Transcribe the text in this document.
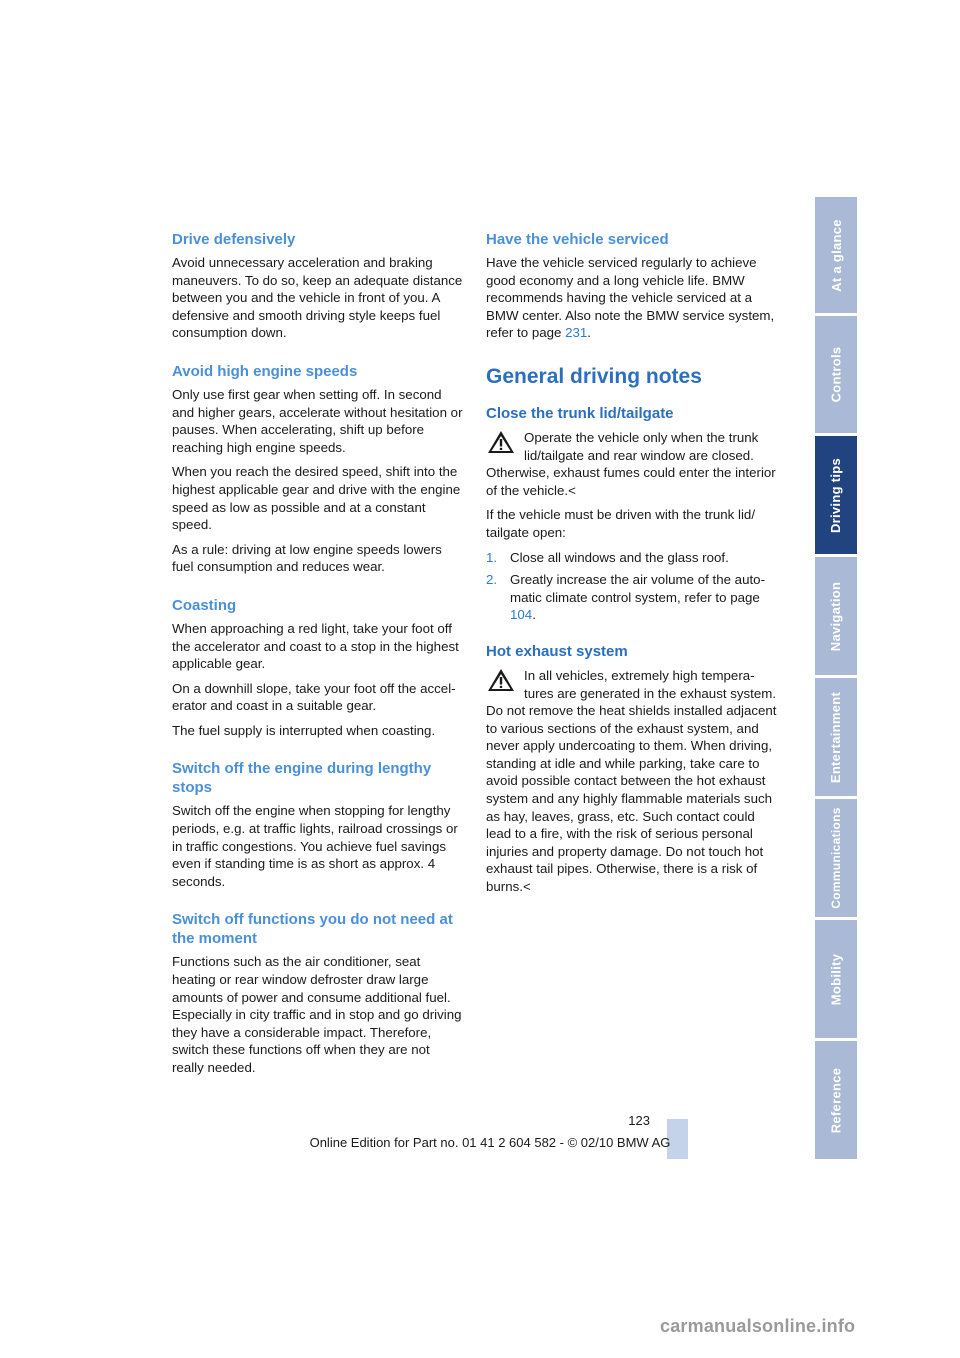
Drive defensively

Avoid unnecessary acceleration and braking maneuvers. To do so, keep an adequate distance between you and the vehicle in front of you. A defensive and smooth driving style keeps fuel consumption down.

Avoid high engine speeds

Only use first gear when setting off. In second and higher gears, accelerate without hesitation or pauses. When accelerating, shift up before reaching high engine speeds.

When you reach the desired speed, shift into the highest applicable gear and drive with the engine speed as low as possible and at a constant speed.

As a rule: driving at low engine speeds lowers fuel consumption and reduces wear.

Coasting

When approaching a red light, take your foot off the accelerator and coast to a stop in the highest applicable gear.

On a downhill slope, take your foot off the accelerator and coast in a suitable gear.

The fuel supply is interrupted when coasting.

Switch off the engine during lengthy stops

Switch off the engine when stopping for lengthy periods, e.g. at traffic lights, railroad crossings or in traffic congestions. You achieve fuel savings even if standing time is as short as approx. 4 seconds.

Switch off functions you do not need at the moment

Functions such as the air conditioner, seat heating or rear window defroster draw large amounts of power and consume additional fuel. Especially in city traffic and in stop and go driving they have a considerable impact. Therefore, switch these functions off when they are not really needed.

Have the vehicle serviced

Have the vehicle serviced regularly to achieve good economy and a long vehicle life. BMW recommends having the vehicle serviced at a BMW center. Also note the BMW service system, refer to page 231.

General driving notes
Close the trunk lid/tailgate

Operate the vehicle only when the trunk lid/tailgate and rear window are closed. Otherwise, exhaust fumes could enter the interior of the vehicle.<

If the vehicle must be driven with the trunk lid/ tailgate open:

1. Close all windows and the glass roof.
2. Greatly increase the air volume of the automatic climate control system, refer to page 104.
Hot exhaust system

In all vehicles, extremely high temperatures are generated in the exhaust system. Do not remove the heat shields installed adjacent to various sections of the exhaust system, and never apply undercoating to them. When driving, standing at idle and while parking, take care to avoid possible contact between the hot exhaust system and any highly flammable materials such as hay, leaves, grass, etc. Such contact could lead to a fire, with the risk of serious personal injuries and property damage. Do not touch hot exhaust tail pipes. Otherwise, there is a risk of burns.<

At a glance
Controls
Driving tips
Navigation
Entertainment
Communications
Mobility
Reference
123
Online Edition for Part no. 01 41 2 604 582 - © 02/10 BMW AG
carmanualsonline.info
